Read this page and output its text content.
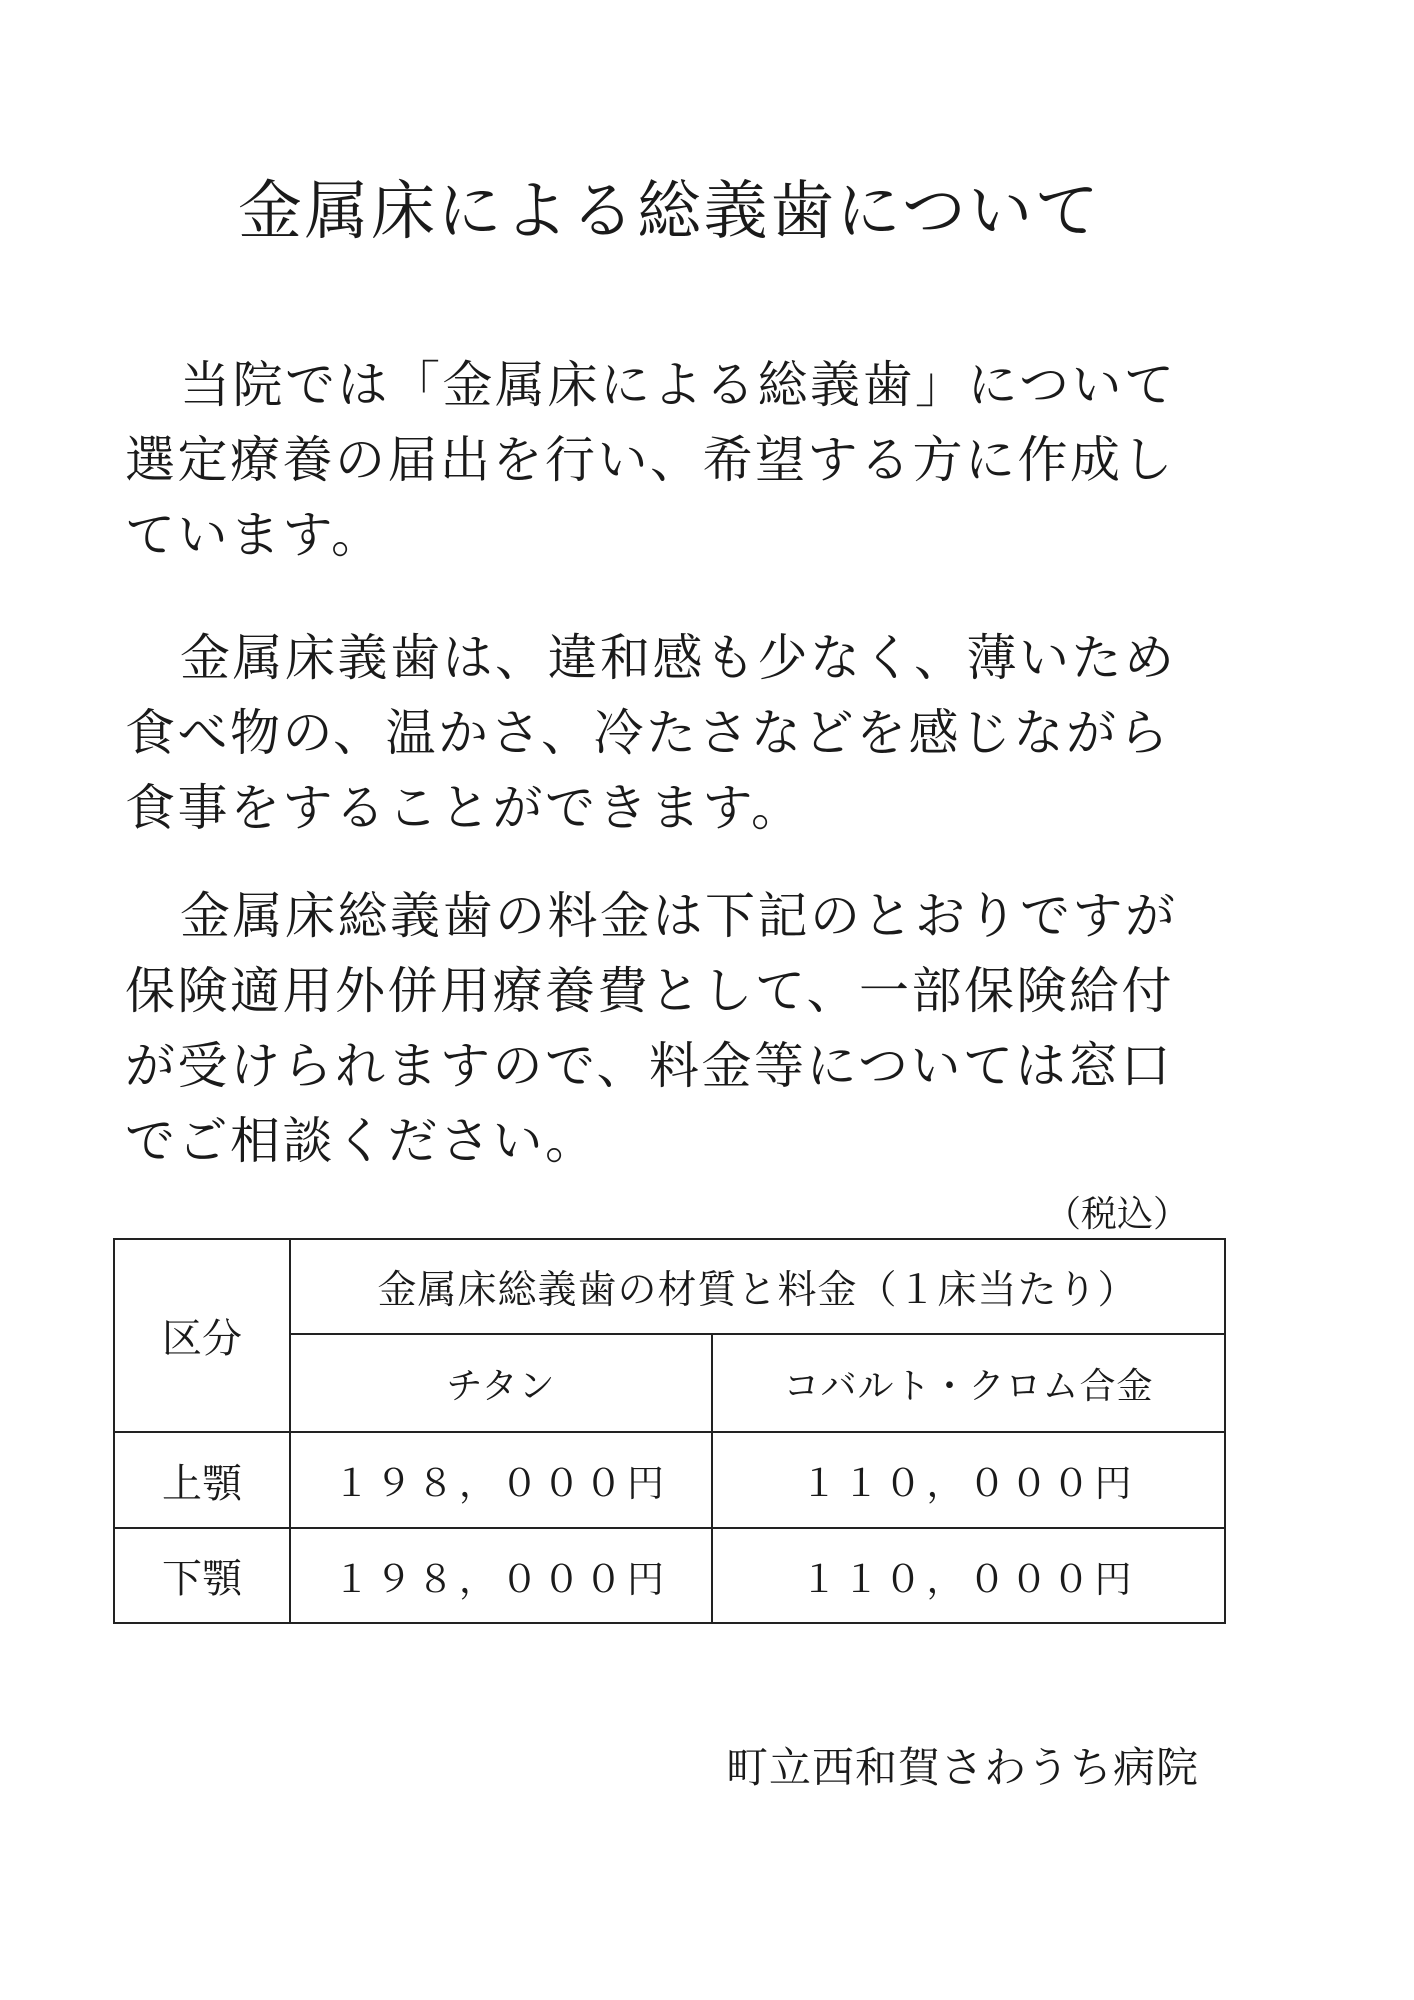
金属床による総義歯について
当院では「金属床による総義歯」について
選定療養の届出を行い、希望する方に作成し
ています。
金属床義歯は、違和感も少なく、薄いため
食べ物の、温かさ、冷たさなどを感じながら
食事をすることができます。
金属床総義歯の料金は下記のとおりですが
保険適用外併用療養費として、一部保険給付
が受けられますので、料金等については窓口
でご相談ください。
（税込）
区分	金属床総義歯の材質と料金（１床当たり）	
	チタン	コバルト・クロム合金
上顎	１９８，０００円	１１０，０００円
下顎	１９８，０００円	１１０，０００円
町立西和賀さわうち病院
